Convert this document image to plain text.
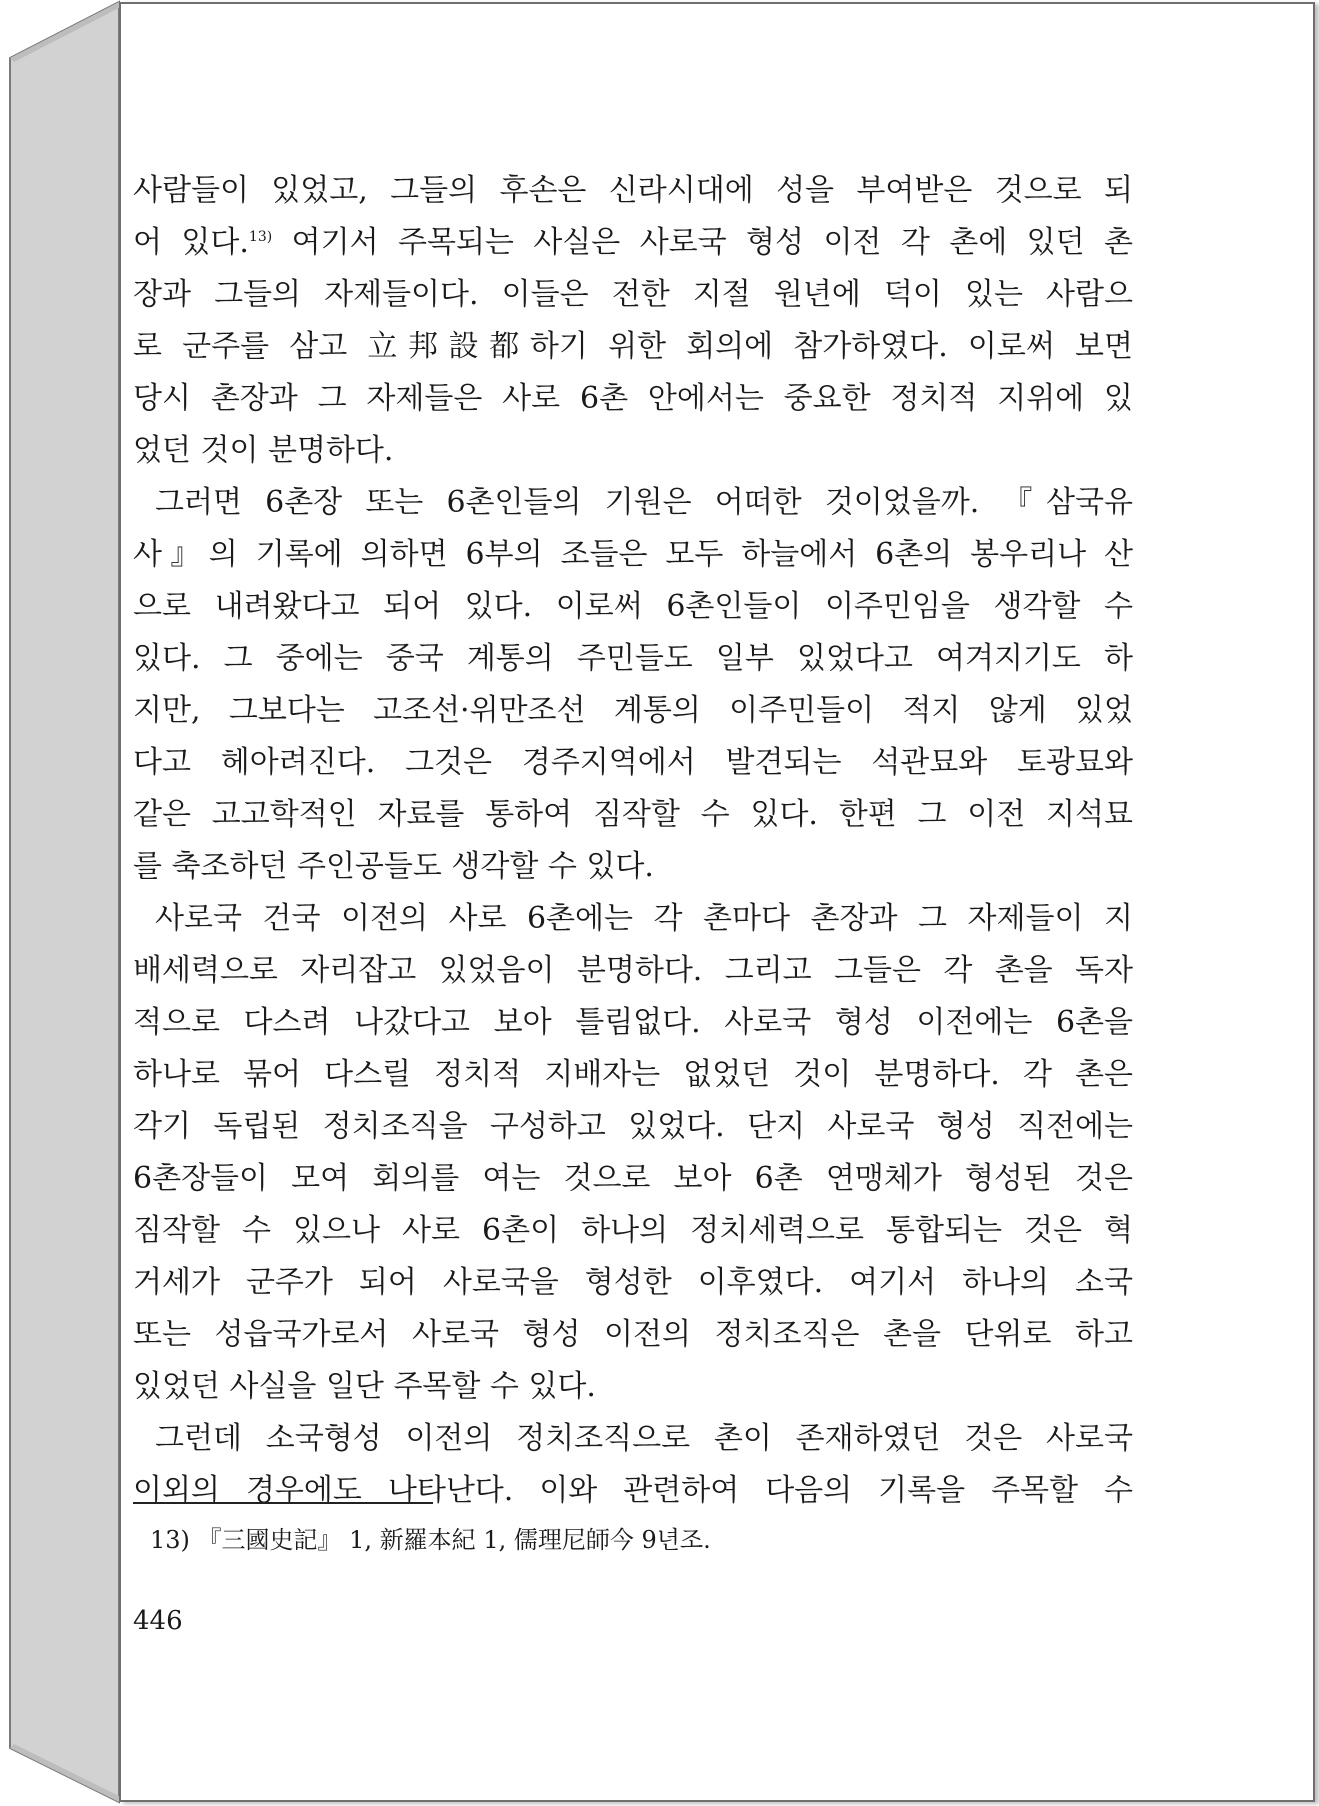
사람들이 있었고, 그들의 후손은 신라시대에 성을 부여받은 것으로 되
어 있다.$^{13)}$ 여기서 주목되는 사실은 사로국 형성 이전 각 촌에 있던 촌
장과 그들의 자제들이다. 이들은 전한 지절 원년에 덕이 있는 사람으
로 군주를 삼고 立邦設都하기 위한 회의에 참가하였다. 이로써 보면
당시 촌장과 그 자제들은 사로 6촌 안에서는 중요한 정치적 지위에 있
었던 것이 분명하다.
그러면 6촌장 또는 6촌인들의 기원은 어떠한 것이었을까. 『삼국유
사』의 기록에 의하면 6부의 조들은 모두 하늘에서 6촌의 봉우리나 산
으로 내려왔다고 되어 있다. 이로써 6촌인들이 이주민임을 생각할 수
있다. 그 중에는 중국 계통의 주민들도 일부 있었다고 여겨지기도 하
지만, 그보다는 고조선·위만조선 계통의 이주민들이 적지 않게 있었
다고 헤아려진다. 그것은 경주지역에서 발견되는 석관묘와 토광묘와
같은 고고학적인 자료를 통하여 짐작할 수 있다. 한편 그 이전 지석묘
를 축조하던 주인공들도 생각할 수 있다.
사로국 건국 이전의 사로 6촌에는 각 촌마다 촌장과 그 자제들이 지
배세력으로 자리잡고 있었음이 분명하다. 그리고 그들은 각 촌을 독자
적으로 다스려 나갔다고 보아 틀림없다. 사로국 형성 이전에는 6촌을
하나로 묶어 다스릴 정치적 지배자는 없었던 것이 분명하다. 각 촌은
각기 독립된 정치조직을 구성하고 있었다. 단지 사로국 형성 직전에는
6촌장들이 모여 회의를 여는 것으로 보아 6촌 연맹체가 형성된 것은
짐작할 수 있으나 사로 6촌이 하나의 정치세력으로 통합되는 것은 혁
거세가 군주가 되어 사로국을 형성한 이후였다. 여기서 하나의 소국
또는 성읍국가로서 사로국 형성 이전의 정치조직은 촌을 단위로 하고
있었던 사실을 일단 주목할 수 있다.
그런데 소국형성 이전의 정치조직으로 촌이 존재하였던 것은 사로국
이외의 경우에도 나타난다. 이와 관련하여 다음의 기록을 주목할 수
13) 『三國史記』 1, 新羅本紀 1, 儒理尼師今 9년조.
446
